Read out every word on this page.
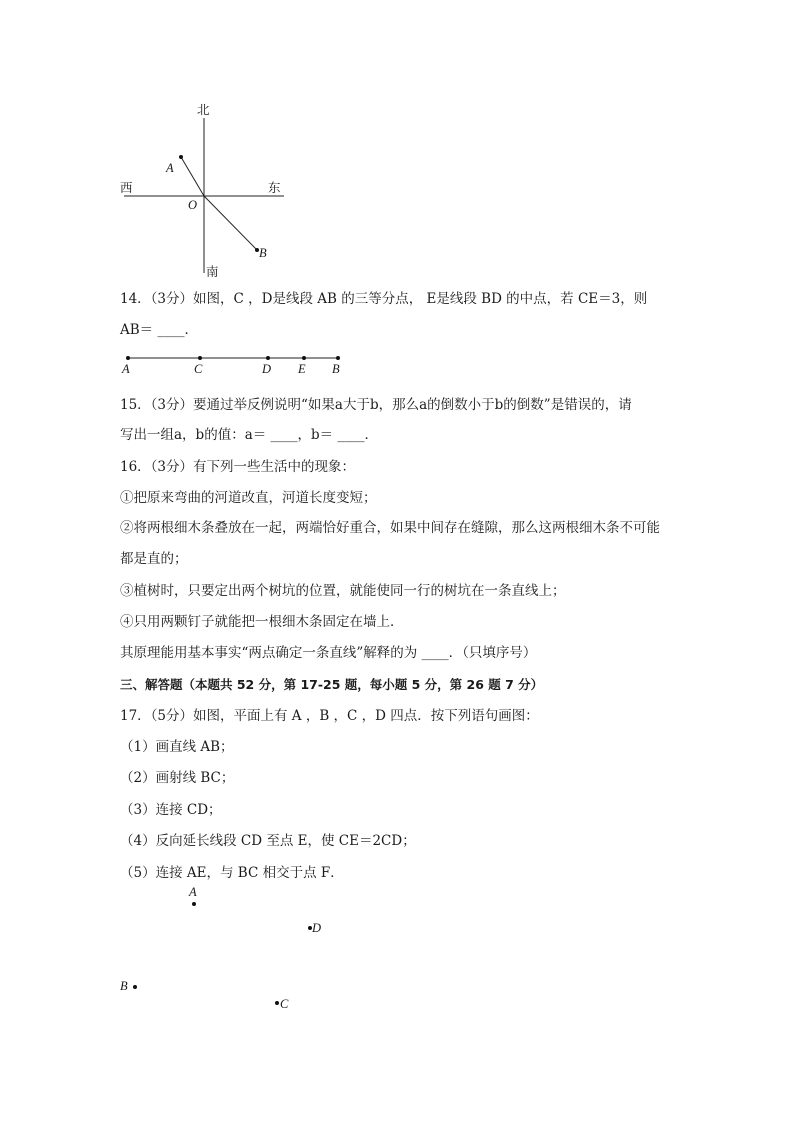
北
南
西	东
A
O
B
14．（3分）如图，C ，D是线段 AB 的三等分点， E是线段 BD 的中点，若 CE＝3，则
AB＝ ____．
A	C	D E B
15．（3分）要通过举反例说明“如果a大于b，那么a的倒数小于b的倒数”是错误的，请
写出一组a，b的值：a＝ ____，b＝ ____．
16．（3分）有下列一些生活中的现象：
①把原来弯曲的河道改直，河道长度变短；
②将两根细木条叠放在一起，两端恰好重合，如果中间存在缝隙，那么这两根细木条不可能
都是直的；
③植树时，只要定出两个树坑的位置，就能使同一行的树坑在一条直线上；
④只用两颗钉子就能把一根细木条固定在墙上．
其原理能用基本事实“两点确定一条直线”解释的为 ____．（只填序号）
三、解答题（本题共 52 分，第 17-25 题，每小题 5 分，第 26 题 7 分）
17．（5分）如图，平面上有 A ，B ，C ，D 四点．按下列语句画图：
（1）画直线 AB；
（2）画射线 BC；
（3）连接 CD；
（4）反向延长线段 CD 至点 E，使 CE＝2CD；
（5）连接 AE，与 BC 相交于点 F．
A
D
B
C
